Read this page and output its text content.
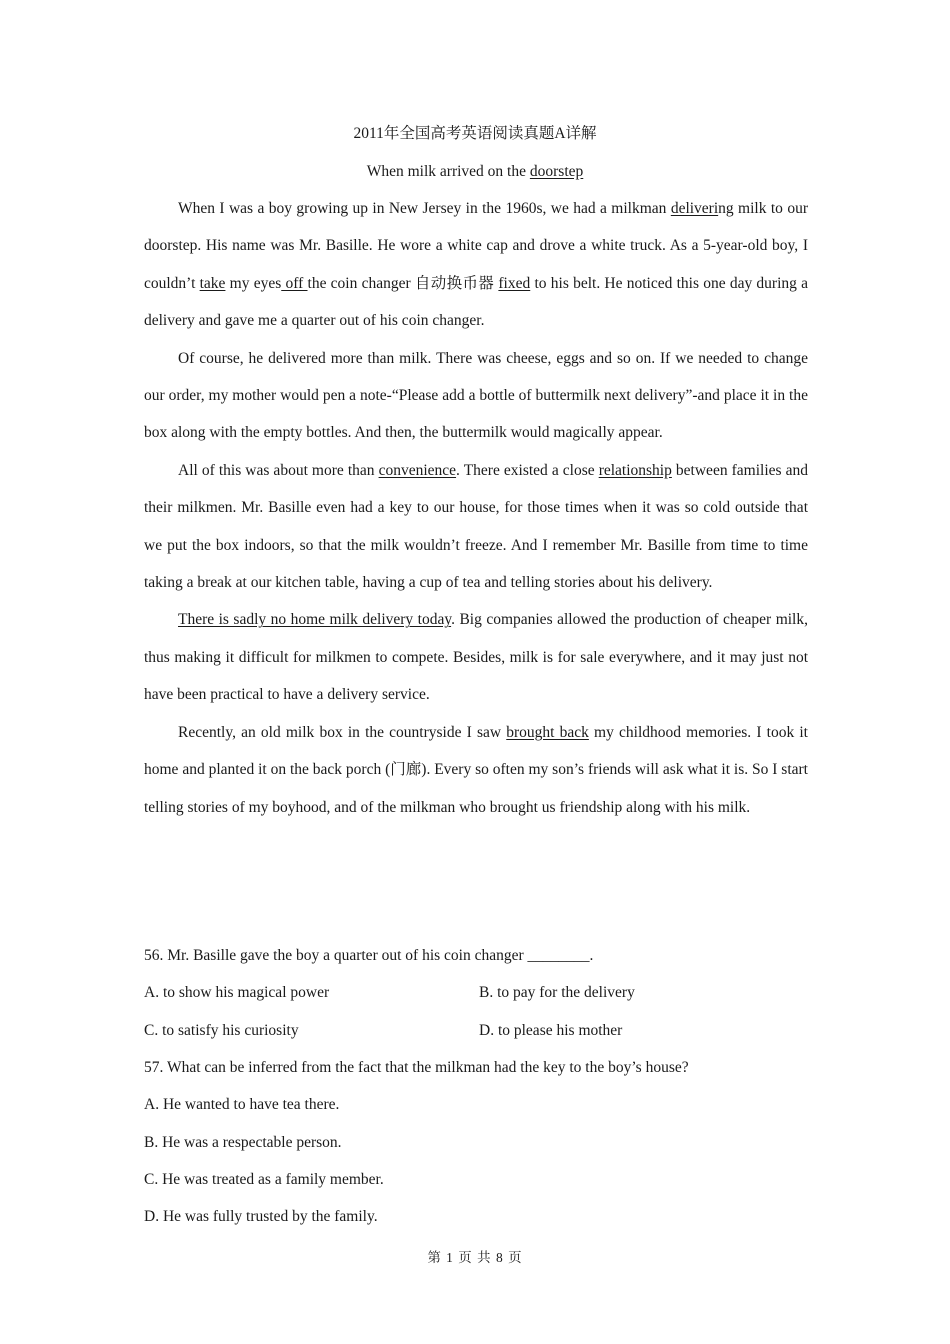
2011年全国高考英语阅读真题A详解
When milk arrived on the doorstep

When I was a boy growing up in New Jersey in the 1960s, we had a milkman delivering milk to our doorstep. His name was Mr. Basille. He wore a white cap and drove a white truck. As a 5-year-old boy, I couldn’t take my eyes off the coin changer 自动换币器 fixed to his belt. He noticed this one day during a delivery and gave me a quarter out of his coin changer.

Of course, he delivered more than milk. There was cheese, eggs and so on. If we needed to change our order, my mother would pen a note-“Please add a bottle of buttermilk next delivery”-and place it in the box along with the empty bottles. And then, the buttermilk would magically appear.

All of this was about more than convenience. There existed a close relationship between families and their milkmen. Mr. Basille even had a key to our house, for those times when it was so cold outside that we put the box indoors, so that the milk wouldn’t freeze. And I remember Mr. Basille from time to time taking a break at our kitchen table, having a cup of tea and telling stories about his delivery.

There is sadly no home milk delivery today. Big companies allowed the production of cheaper milk, thus making it difficult for milkmen to compete. Besides, milk is for sale everywhere, and it may just not have been practical to have a delivery service.

Recently, an old milk box in the countryside I saw brought back my childhood memories. I took it home and planted it on the back porch (门廊). Every so often my son’s friends will ask what it is. So I start telling stories of my boyhood, and of the milkman who brought us friendship along with his milk.

56. Mr. Basille gave the boy a quarter out of his coin changer ________.
A. to show his magical power	B. to pay for the delivery
C. to satisfy his curiosity	D. to please his mother
57. What can be inferred from the fact that the milkman had the key to the boy’s house?
A. He wanted to have tea there.
B. He was a respectable person.
C. He was treated as a family member.
D. He was fully trusted by the family.
第 1 页 共 8 页
